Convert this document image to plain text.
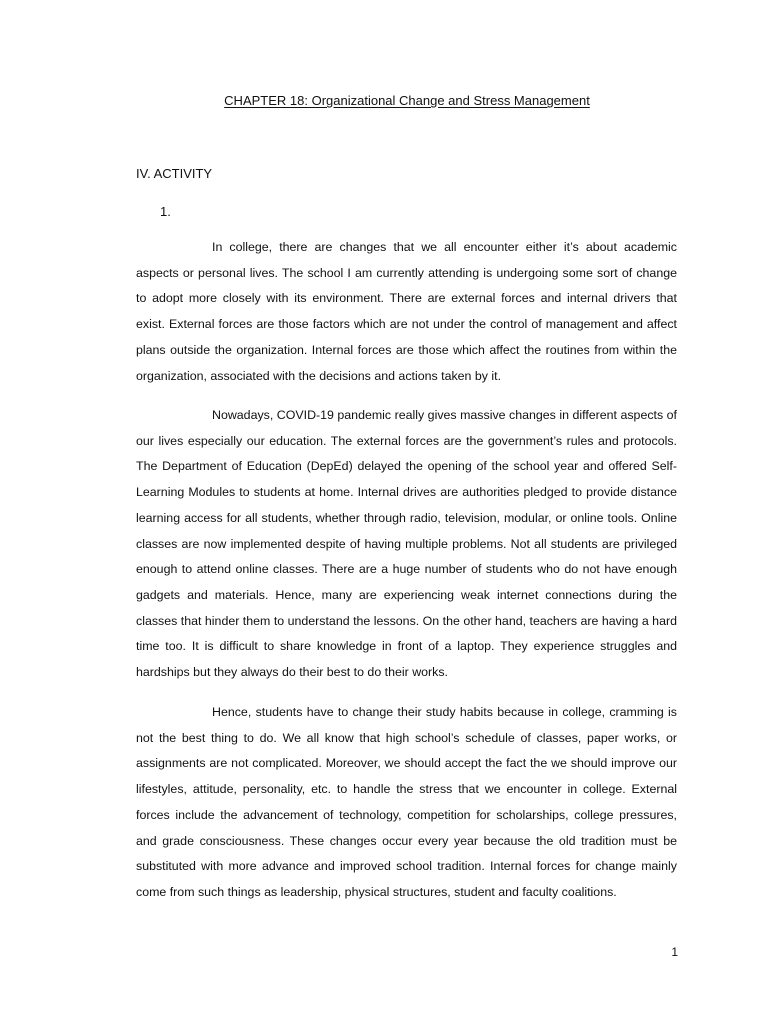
CHAPTER 18: Organizational Change and Stress Management
IV. ACTIVITY
1.

In college, there are changes that we all encounter either it’s about academic aspects or personal lives. The school I am currently attending is undergoing some sort of change to adopt more closely with its environment. There are external forces and internal drivers that exist. External forces are those factors which are not under the control of management and affect plans outside the organization. Internal forces are those which affect the routines from within the organization, associated with the decisions and actions taken by it.

Nowadays, COVID-19 pandemic really gives massive changes in different aspects of our lives especially our education. The external forces are the government’s rules and protocols. The Department of Education (DepEd) delayed the opening of the school year and offered Self-Learning Modules to students at home. Internal drives are authorities pledged to provide distance learning access for all students, whether through radio, television, modular, or online tools. Online classes are now implemented despite of having multiple problems. Not all students are privileged enough to attend online classes. There are a huge number of students who do not have enough gadgets and materials. Hence, many are experiencing weak internet connections during the classes that hinder them to understand the lessons. On the other hand, teachers are having a hard time too. It is difficult to share knowledge in front of a laptop. They experience struggles and hardships but they always do their best to do their works.

Hence, students have to change their study habits because in college, cramming is not the best thing to do. We all know that high school’s schedule of classes, paper works, or assignments are not complicated. Moreover, we should accept the fact the we should improve our lifestyles, attitude, personality, etc. to handle the stress that we encounter in college. External forces include the advancement of technology, competition for scholarships, college pressures, and grade consciousness. These changes occur every year because the old tradition must be substituted with more advance and improved school tradition. Internal forces for change mainly come from such things as leadership, physical structures, student and faculty coalitions.

1
